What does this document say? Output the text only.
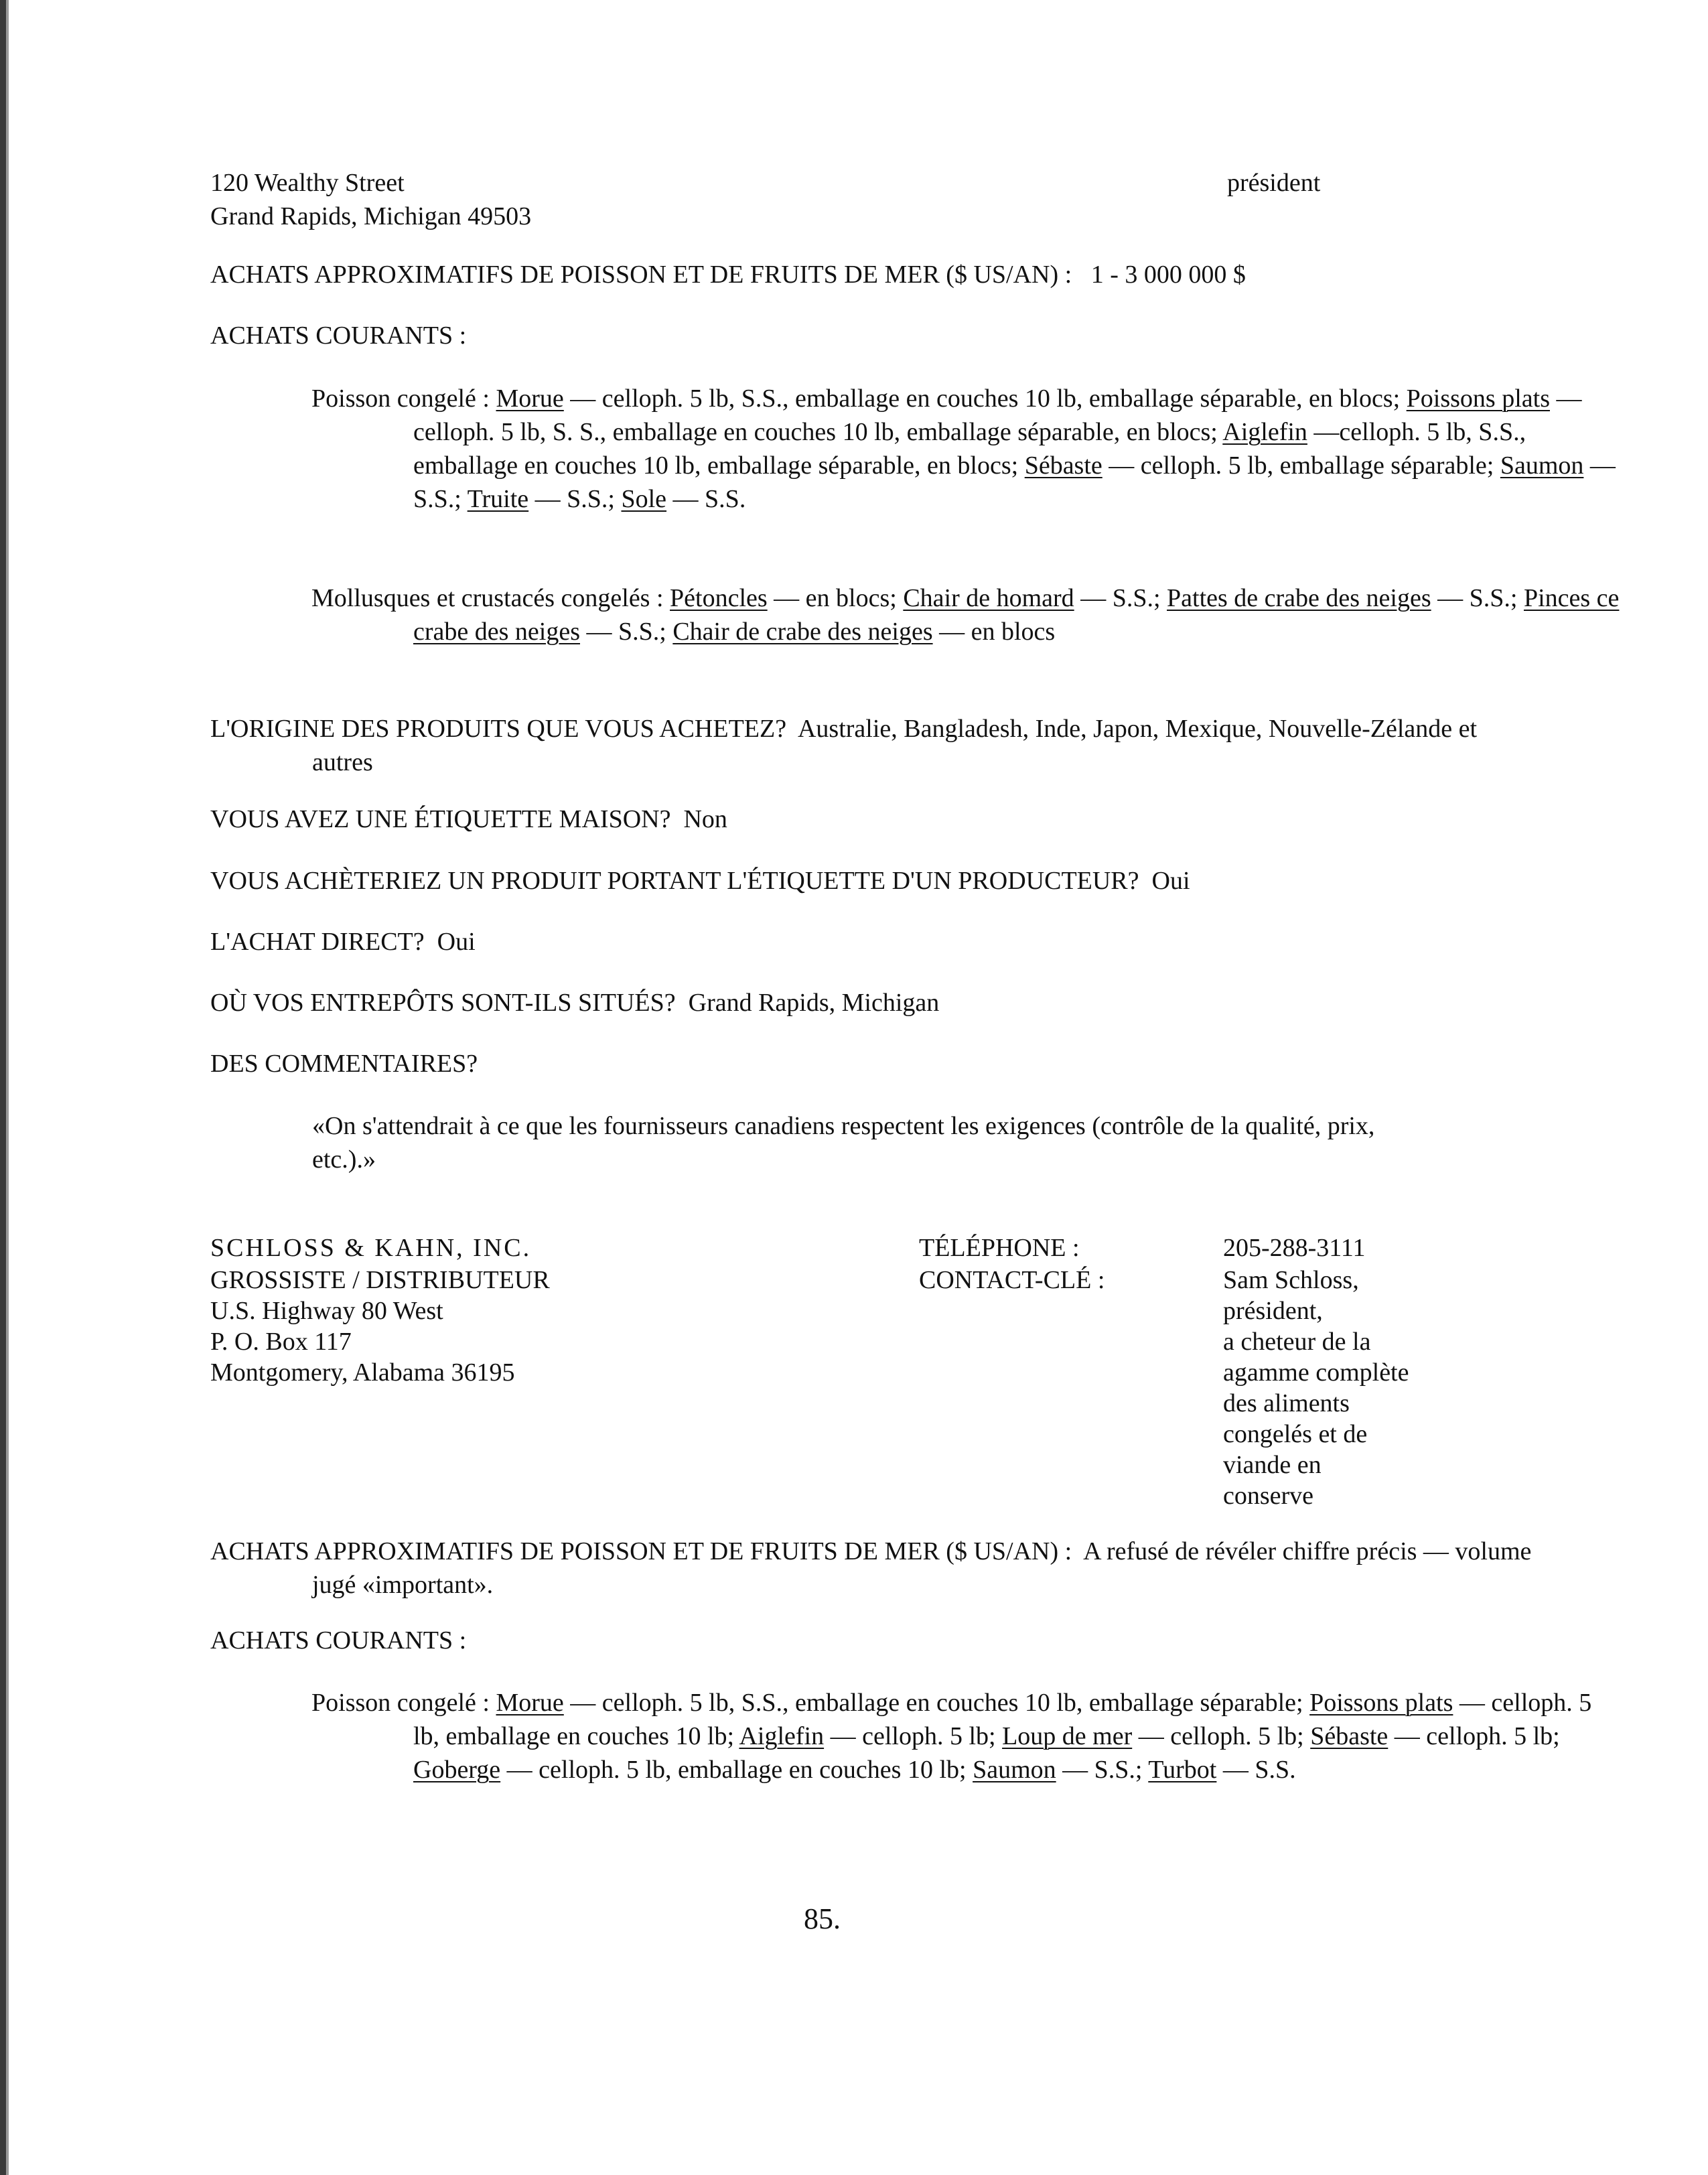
120 Wealthy Street

Grand Rapids, Michigan 49503

président
ACHATS APPROXIMATIFS DE POISSON ET DE FRUITS DE MER ($ US/AN) : 1 - 3 000 000 $
ACHATS COURANTS :
Poisson congelé : Morue — celloph. 5 lb, S.S., emballage en couches 10 lb, emballage séparable, en blocs; Poissons plats — celloph. 5 lb, S. S., emballage en couches 10 lb, emballage séparable, en blocs; Aiglefin —celloph. 5 lb, S.S., emballage en couches 10 lb, emballage séparable, en blocs; Sébaste — celloph. 5 lb, emballage séparable; Saumon — S.S.; Truite — S.S.; Sole — S.S.
Mollusques et crustacés congelés : Pétoncles — en blocs; Chair de homard — S.S.; Pattes de crabe des neiges — S.S.; Pinces ce crabe des neiges — S.S.; Chair de crabe des neiges — en blocs
L'ORIGINE DES PRODUITS QUE VOUS ACHETEZ? Australie, Bangladesh, Inde, Japon, Mexique, Nouvelle-Zélande et autres
VOUS AVEZ UNE ÉTIQUETTE MAISON? Non
VOUS ACHÈTERIEZ UN PRODUIT PORTANT L'ÉTIQUETTE D'UN PRODUCTEUR? Oui
L'ACHAT DIRECT? Oui
OÙ VOS ENTREPÔTS SONT-ILS SITUÉS? Grand Rapids, Michigan
DES COMMENTAIRES?
«On s'attendrait à ce que les fournisseurs canadiens respectent les exigences (contrôle de la qualité, prix, etc.).»

SCHLOSS & KAHN, INC.

GROSSISTE / DISTRIBUTEUR

U.S. Highway 80 West

P. O. Box 117

Montgomery, Alabama 36195

TÉLÉPHONE :

CONTACT-CLÉ :

205-288-3111

Sam Schloss,

président,

a cheteur de la

agamme complète

des aliments

congelés et de

viande en

conserve

ACHATS APPROXIMATIFS DE POISSON ET DE FRUITS DE MER ($ US/AN) : A refusé de révéler chiffre précis — volume jugé «important».
ACHATS COURANTS :
Poisson congelé : Morue — celloph. 5 lb, S.S., emballage en couches 10 lb, emballage séparable; Poissons plats — celloph. 5 lb, emballage en couches 10 lb; Aiglefin — celloph. 5 lb; Loup de mer — celloph. 5 lb; Sébaste — celloph. 5 lb; Goberge — celloph. 5 lb, emballage en couches 10 lb; Saumon — S.S.; Turbot — S.S.
85.
